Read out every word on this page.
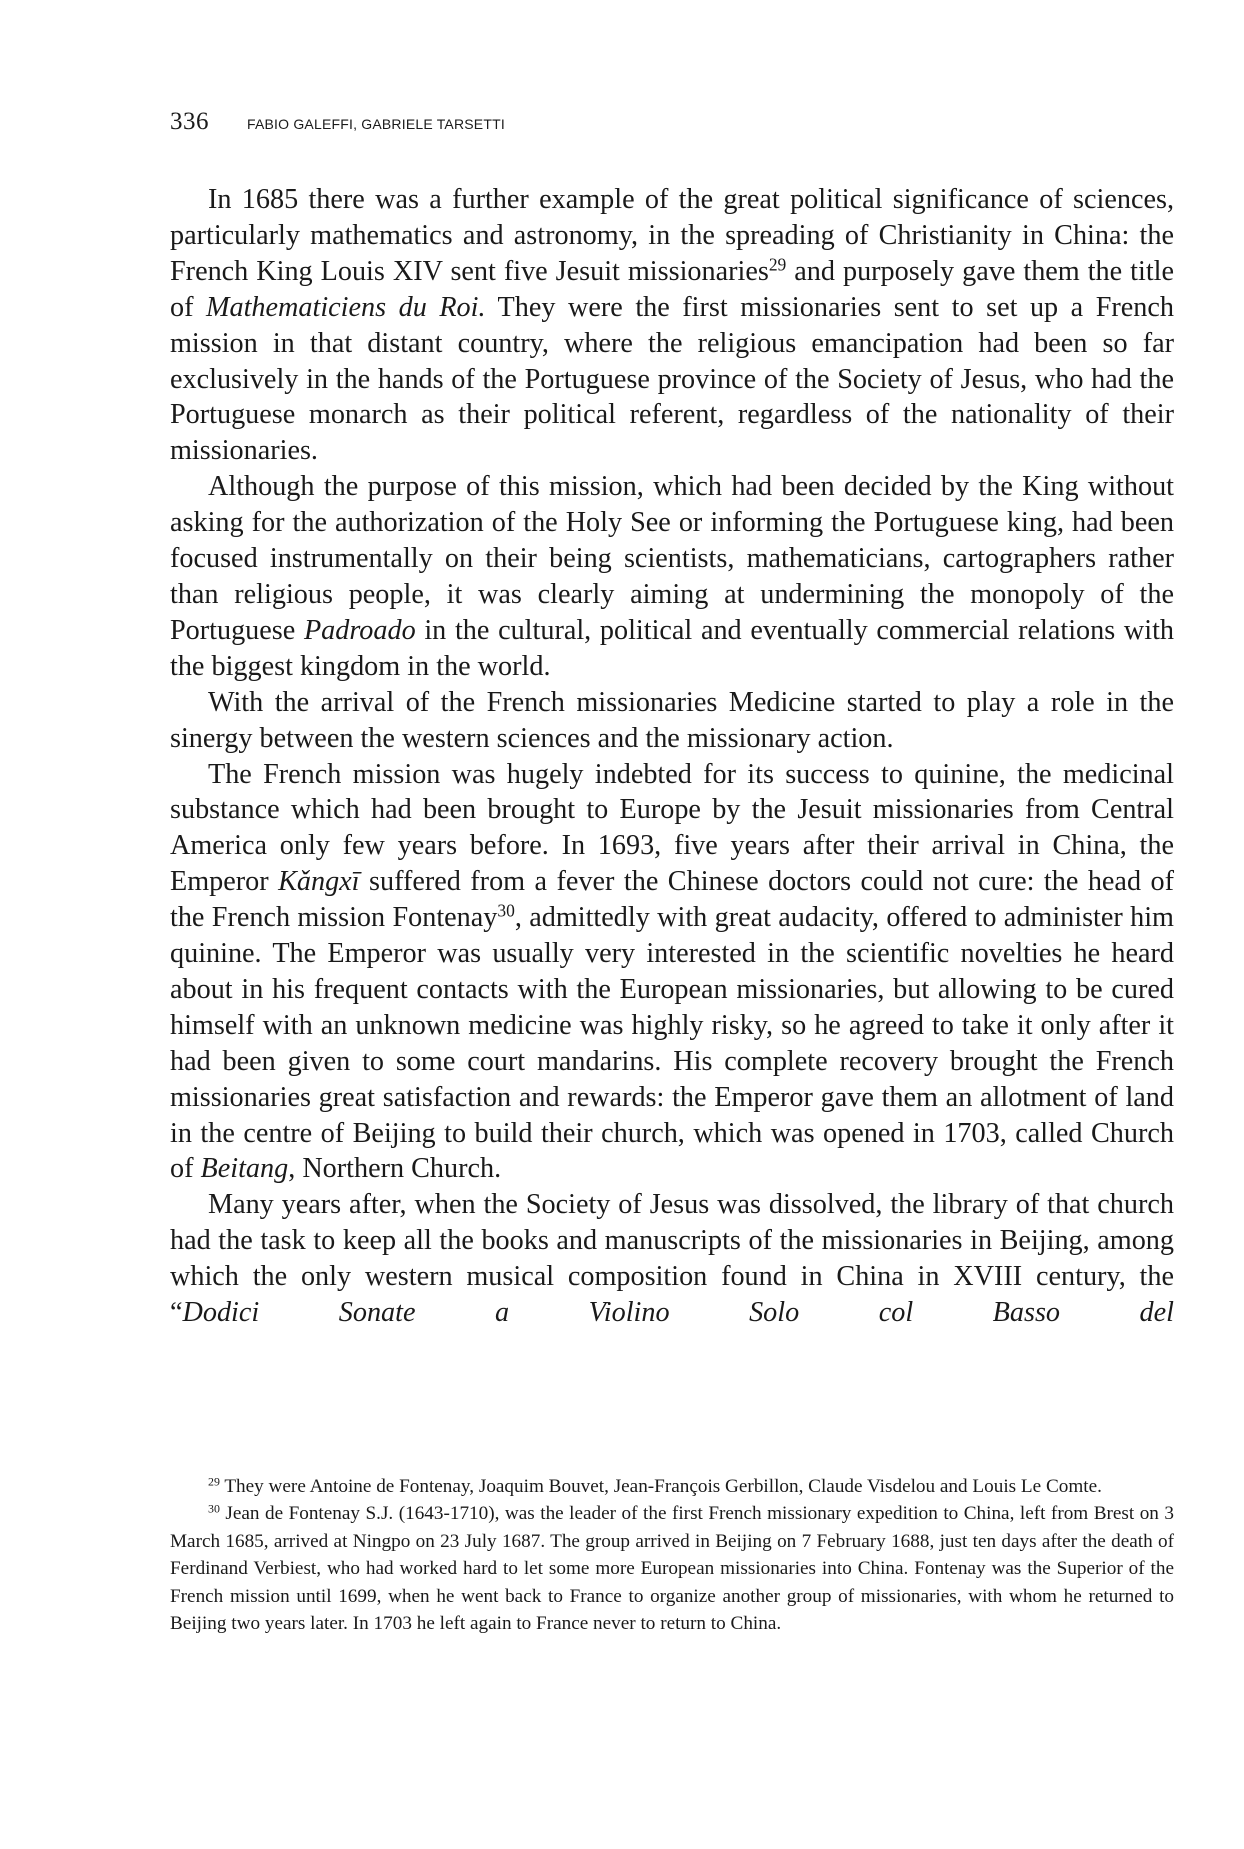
336	FABIO GALEFFI, GABRIELE TARSETTI

In 1685 there was a further example of the great political significance of sciences, particularly mathematics and astronomy, in the spreading of Christianity in China: the French King Louis XIV sent five Jesuit missionaries$^{29}$ and purposely gave them the title of Mathematiciens du Roi. They were the first missionaries sent to set up a French mission in that distant country, where the religious emancipation had been so far exclusively in the hands of the Portuguese province of the Society of Jesus, who had the Portuguese monarch as their political referent, regardless of the nationality of their missionaries.

Although the purpose of this mission, which had been decided by the King without asking for the authorization of the Holy See or informing the Portuguese king, had been focused instrumentally on their being scientists, mathematicians, cartographers rather than religious people, it was clearly aiming at undermining the monopoly of the Portuguese Padroado in the cultural, political and eventually commercial relations with the biggest kingdom in the world.

With the arrival of the French missionaries Medicine started to play a role in the sinergy between the western sciences and the missionary action.

The French mission was hugely indebted for its success to quinine, the medicinal substance which had been brought to Europe by the Jesuit missionaries from Central America only few years before. In 1693, five years after their arrival in China, the Emperor Kǎngxī suffered from a fever the Chinese doctors could not cure: the head of the French mission Fontenay$^{30}$, admittedly with great audacity, offered to administer him quinine. The Emperor was usually very interested in the scientific novelties he heard about in his frequent contacts with the European missionaries, but allowing to be cured himself with an unknown medicine was highly risky, so he agreed to take it only after it had been given to some court mandarins. His complete recovery brought the French missionaries great satisfaction and rewards: the Emperor gave them an allotment of land in the centre of Beijing to build their church, which was opened in 1703, called Church of Beitang, Northern Church.

Many years after, when the Society of Jesus was dissolved, the library of that church had the task to keep all the books and manuscripts of the missionaries in Beijing, among which the only western musical composition found in China in XVIII century, the “Dodici Sonate a Violino Solo col Basso del

$^{29}$ They were Antoine de Fontenay, Joaquim Bouvet, Jean-François Gerbillon, Claude Visdelou and Louis Le Comte.

$^{30}$ Jean de Fontenay S.J. (1643-1710), was the leader of the first French missionary expedition to China, left from Brest on 3 March 1685, arrived at Ningpo on 23 July 1687. The group arrived in Beijing on 7 February 1688, just ten days after the death of Ferdinand Verbiest, who had worked hard to let some more European missionaries into China. Fontenay was the Superior of the French mission until 1699, when he went back to France to organize another group of missionaries, with whom he returned to Beijing two years later. In 1703 he left again to France never to return to China.
